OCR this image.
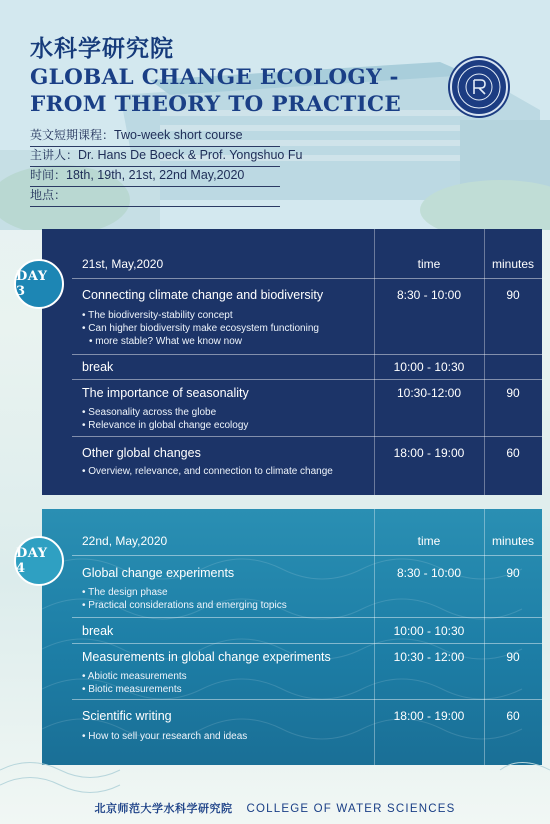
水科学研究院
GLOBAL CHANGE ECOLOGY -
FROM THEORY TO PRACTICE
英文短期课程：Two-week short course
主讲人：Dr. Hans De Boeck & Prof. Yongshuo Fu
时间：18th, 19th, 21st, 22nd May,2020
地点：
21st, May,2020	time	minutes
Connecting climate change and biodiversity	8:30 - 10:00	90
• The biodiversity-stability concept
• Can higher biodiversity make ecosystem functioning
• more stable? What we know now
break	10:00 - 10:30
The importance of seasonality	10:30-12:00	90
• Seasonality across the globe
• Relevance in global change ecology
Other global changes	18:00 - 19:00	60
• Overview, relevance, and connection to climate change
DAY 3
22nd, May,2020	time	minutes
Global change experiments	8:30 - 10:00	90
• The design phase
• Practical considerations and emerging topics
break	10:00 - 10:30
Measurements in global change experiments	10:30 - 12:00	90
• Abiotic measurements
• Biotic measurements
Scientific writing	18:00 - 19:00	60
• How to sell your research and ideas
DAY 4
北京师范大学水科学研究院 COLLEGE OF WATER SCIENCES
